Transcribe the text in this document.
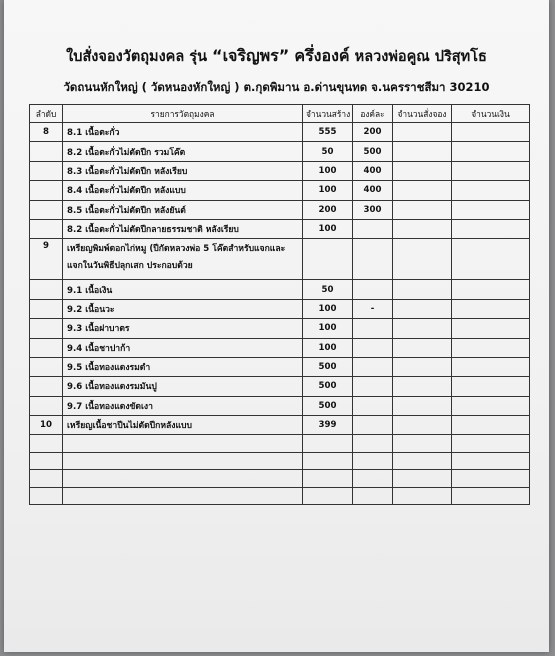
ใบสั่งจองวัตถุมงคล รุ่น “เจริญพร” ครึ่งองค์ หลวงพ่อคูณ ปริสุทโธ
วัดถนนหักใหญ่ ( วัดหนองหักใหญ่ ) ต.กุดพิมาน อ.ด่านขุนทด จ.นครราชสีมา 30210
ลำดับ	รายการวัตถุมงคล	จำนวนสร้าง	องค์ละ	จำนวนสั่งจอง	จำนวนเงิน
8	8.1 เนื้อตะกั่ว	555	200		
	8.2 เนื้อตะกั่วไม่ตัดปีก รวมโค๊ต	50	500		
	8.3 เนื้อตะกั่วไม่ตัดปีก หลังเรียบ	100	400		
	8.4 เนื้อตะกั่วไม่ตัดปีก หลังแบบ	100	400		
	8.5 เนื้อตะกั่วไม่ตัดปีก หลังยันต์	200	300		
	8.2 เนื้อตะกั่วไม่ตัดปีกลายธรรมชาติ หลังเรียบ	100			
9	เหรียญพิมพ์ดอกไก่หมู (ปีกัดหลวงพ่อ 5 โค๊ตสำหรับแจกและ แจกในวันพิธีปลุกเสก ประกอบด้วย				
	9.1 เนื้อเงิน	50			
	9.2 เนื้อนวะ	100	-		
	9.3 เนื้อฝาบาตร	100			
	9.4 เนื้อชาปาก้า	100			
	9.5 เนื้อทองแดงรมดำ	500			
	9.6 เนื้อทองแดงรมมันปู	500			
	9.7 เนื้อทองแดงขัดเงา	500			
10	เหรียญเนื้อชาปีนไม่ตัดปีกหลังแบบ	399			
